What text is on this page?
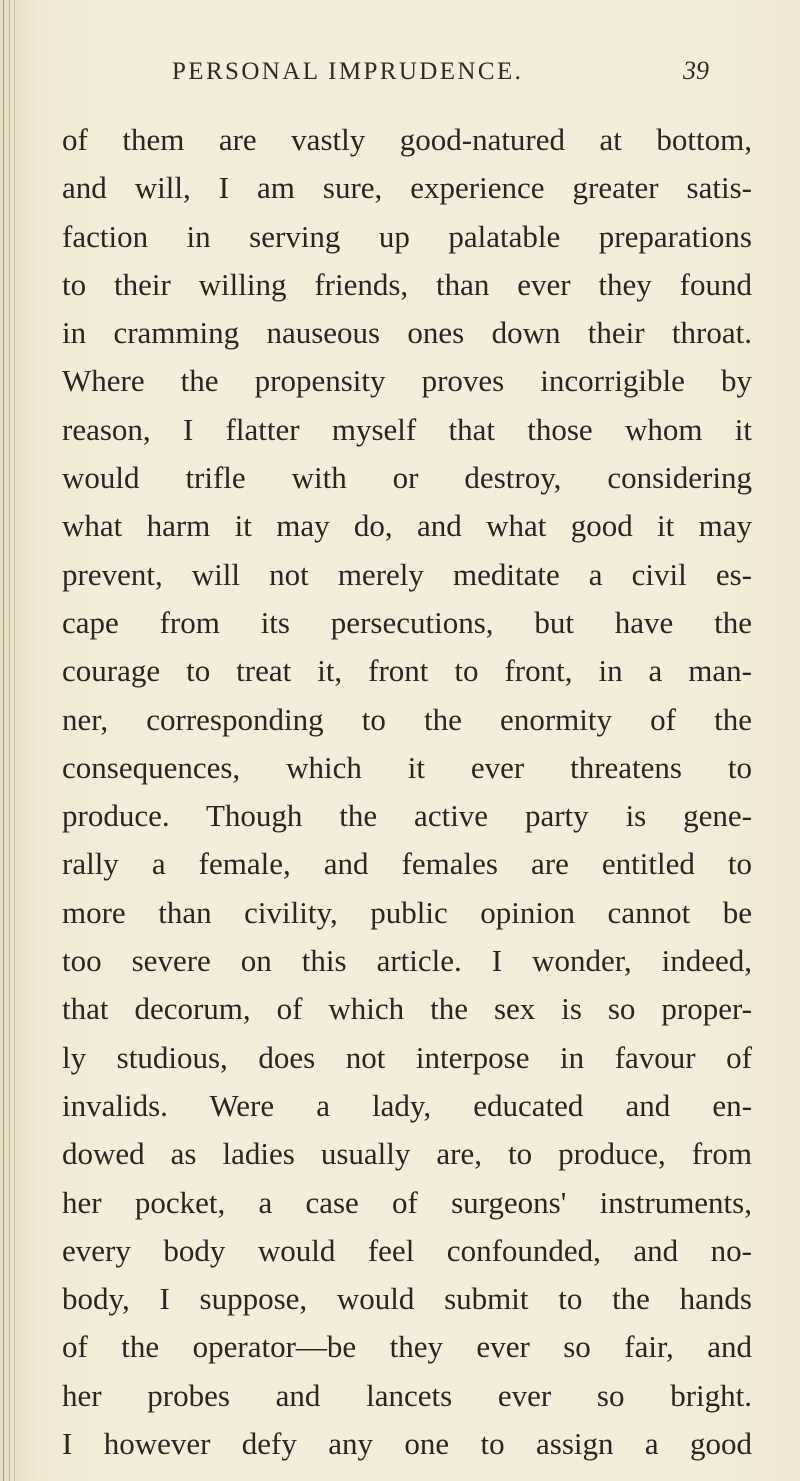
PERSONAL IMPRUDENCE.	39
of them are vastly good-natured at bottom,
and will, I am sure, experience greater satis-
faction in serving up palatable preparations
to their willing friends, than ever they found
in cramming nauseous ones down their throat.
Where the propensity proves incorrigible by
reason, I flatter myself that those whom it
would trifle with or destroy, considering
what harm it may do, and what good it may
prevent, will not merely meditate a civil es-
cape from its persecutions, but have the
courage to treat it, front to front, in a man-
ner, corresponding to the enormity of the
consequences, which it ever threatens to
produce. Though the active party is gene-
rally a female, and females are entitled to
more than civility, public opinion cannot be
too severe on this article. I wonder, indeed,
that decorum, of which the sex is so proper-
ly studious, does not interpose in favour of
invalids. Were a lady, educated and en-
dowed as ladies usually are, to produce, from
her pocket, a case of surgeons' instruments,
every body would feel confounded, and no-
body, I suppose, would submit to the hands
of the operator—be they ever so fair, and
her probes and lancets ever so bright.
I however defy any one to assign a good
